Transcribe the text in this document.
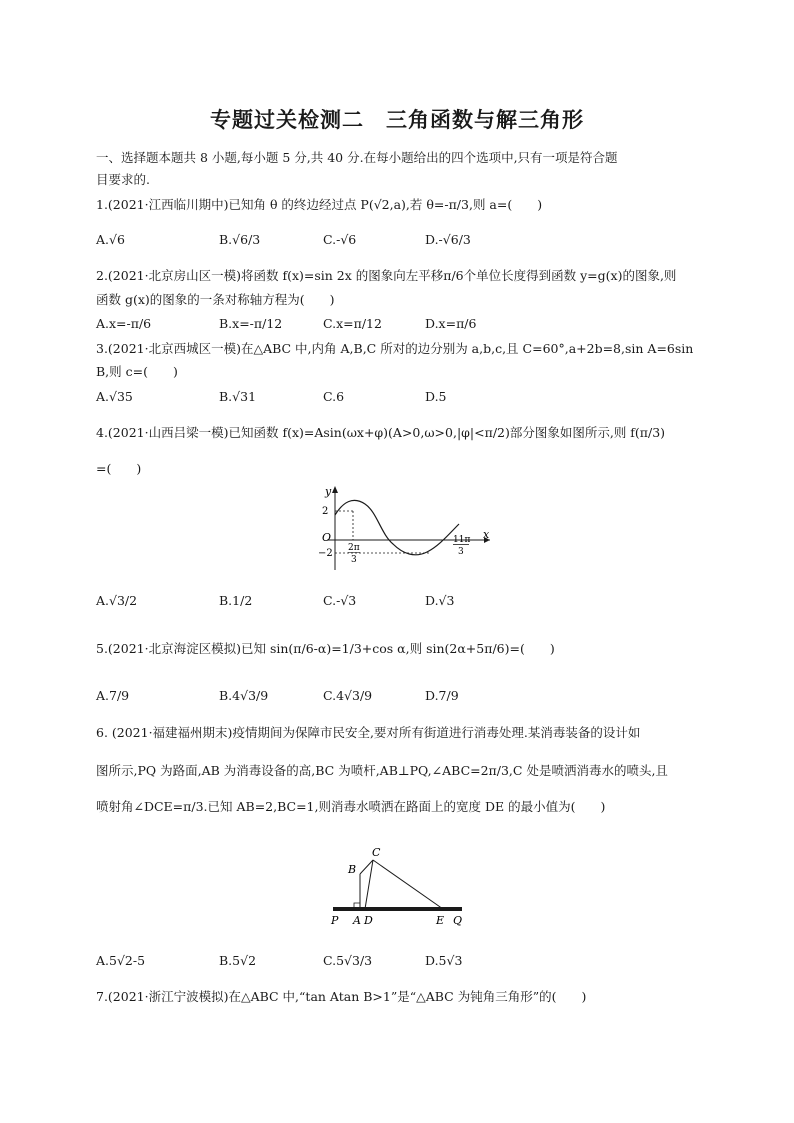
专题过关检测二　三角函数与解三角形
一、选择题本题共 8 小题,每小题 5 分,共 40 分.在每小题给出的四个选项中,只有一项是符合题
目要求的.
1.(2021·江西临川期中)已知角 θ 的终边经过点 P(√2,a),若 θ=-π/3,则 a=(　　)
A.√6	B.√6/3	C.-√6	D.-√6/3
2.(2021·北京房山区一模)将函数 f(x)=sin 2x 的图象向左平移π/6个单位长度得到函数 y=g(x)的图象,则
函数 g(x)的图象的一条对称轴方程为(　　)
A.x=-π/6	B.x=-π/12	C.x=π/12	D.x=π/6
3.(2021·北京西城区一模)在△ABC 中,内角 A,B,C 所对的边分别为 a,b,c,且 C=60°,a+2b=8,sin A=6sin
B,则 c=(　　)
A.√35	B.√31	C.6	D.5
4.(2021·山西吕梁一模)已知函数 f(x)=Asin(ωx+φ)(A>0,ω>0,|φ|<π/2)部分图象如图所示,则 f(π/3)
=(　　)
y
x
O
2
−2 2π
3
11π
3
A.√3/2	B.1/2	C.-√3	D.√3
5.(2021·北京海淀区模拟)已知 sin(π/6-α)=1/3+cos α,则 sin(2α+5π/6)=(　　)
A.7/9	B.4√3/9	C.4√3/9	D.7/9
6. (2021·福建福州期末)疫情期间为保障市民安全,要对所有街道进行消毒处理.某消毒装备的设计如
图所示,PQ 为路面,AB 为消毒设备的高,BC 为喷杆,AB⊥PQ,∠ABC=2π/3,C 处是喷洒消毒水的喷头,且
喷射角∠DCE=π/3.已知 AB=2,BC=1,则消毒水喷洒在路面上的宽度 DE 的最小值为(　　)
P A D
B
C
E Q
A.5√2-5	B.5√2	C.5√3/3	D.5√3
7.(2021·浙江宁波模拟)在△ABC 中,“tan Atan B>1”是“△ABC 为钝角三角形”的(　　)
